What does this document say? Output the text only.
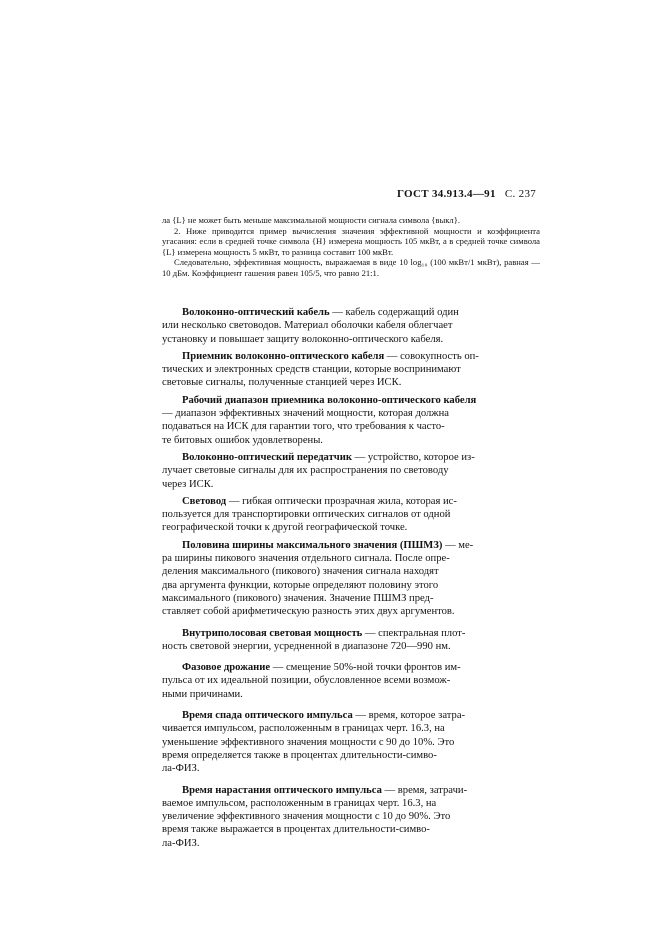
ГОСТ 34.913.4—91 С. 237

ла {L} не может быть меньше максимальной мощности сигнала символа {выкл}.

2. Ниже приводится пример вычисления значения эффективной мощности и коэффициента угасания: если в средней точке символа {H} измерена мощность 105 мкВт, а в средней точке символа {L} измерена мощность 5 мкВт, то разница составит 100 мкВт.

Следовательно, эффективная мощность, выражаемая в виде 10 log₁₀ (100 мкВт/1 мкВт), равная —10 дБм. Коэффициент гашения равен 105/5, что равно 21:1.

Волоконно-оптический кабель — кабель содержащий один
или несколько световодов. Материал оболочки кабеля облегчает
установку и повышает защиту волоконно-оптического кабеля.

Приемник волоконно-оптического кабеля — совокупность оп-
тических и электронных средств станции, которые воспринимают
световые сигналы, полученные станцией через ИСК.

Рабочий диапазон приемника волоконно-оптического кабеля
— диапазон эффективных значений мощности, которая должна
подаваться на ИСК для гарантии того, что требования к часто-
те битовых ошибок удовлетворены.

Волоконно-оптический передатчик — устройство, которое из-
лучает световые сигналы для их распространения по световоду
через ИСК.

Световод — гибкая оптически прозрачная жила, которая ис-
пользуется для транспортировки оптических сигналов от одной
географической точки к другой географической точке.

Половина ширины максимального значения (ПШМЗ) — ме-
ра ширины пикового значения отдельного сигнала. После опре-
деления максимального (пикового) значения сигнала находят
два аргумента функции, которые определяют половину этого
максимального (пикового) значения. Значение ПШМЗ пред-
ставляет собой арифметическую разность этих двух аргументов.

Внутриполосовая световая мощность — спектральная плот-
ность световой энергии, усредненной в диапазоне 720—990 нм.

Фазовое дрожание — смещение 50%-ной точки фронтов им-
пульса от их идеальной позиции, обусловленное всеми возмож-
ными причинами.

Время спада оптического импульса — время, которое затра-
чивается импульсом, расположенным в границах черт. 16.3, на
уменьшение эффективного значения мощности с 90 до 10%. Это
время определяется также в процентах длительности-симво-
ла-ФИЗ.

Время нарастания оптического импульса — время, затрачи-
ваемое импульсом, расположенным в границах черт. 16.3, на
увеличение эффективного значения мощности с 10 до 90%. Это
время также выражается в процентах длительности-симво-
ла-ФИЗ.
